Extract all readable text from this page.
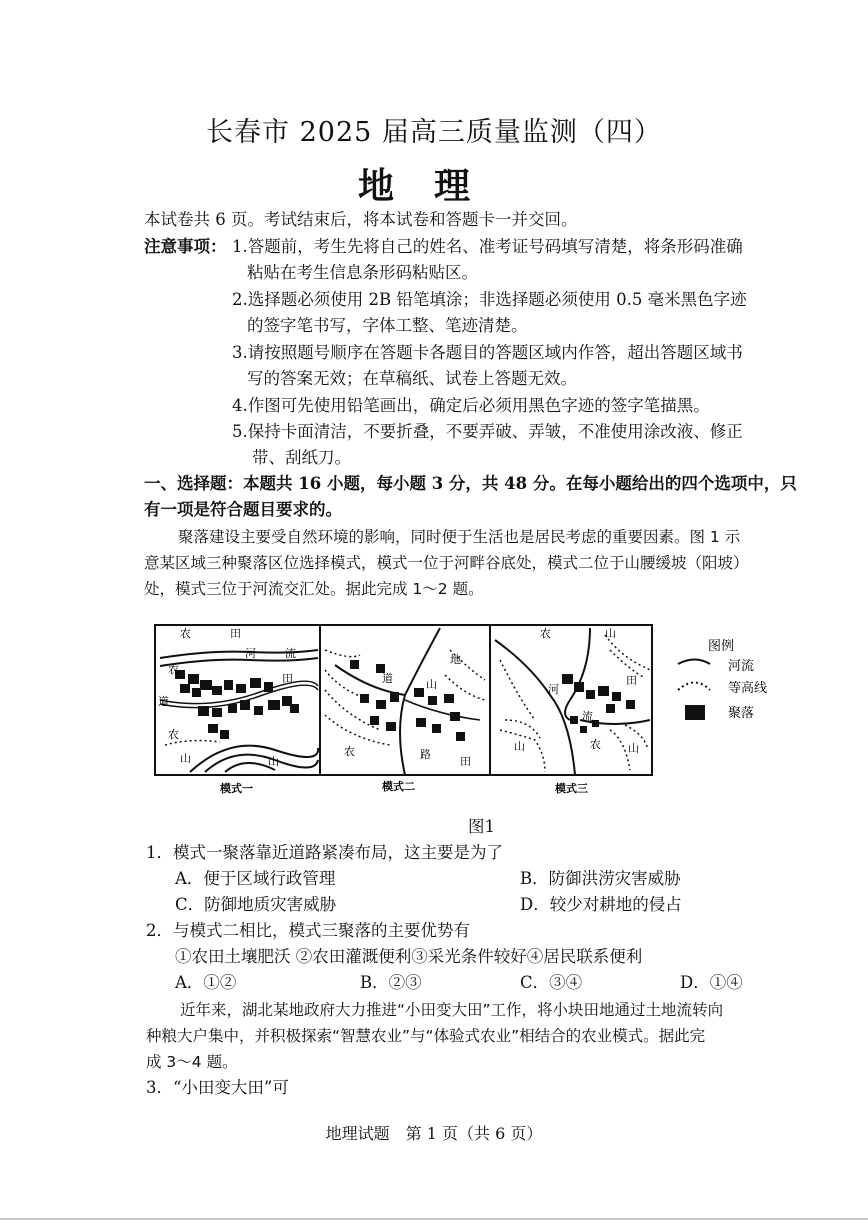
长春市 2025 届高三质量监测（四）
地理
本试卷共 6 页。考试结束后，将本试卷和答题卡一并交回。
注意事项： 1.答题前，考生先将自己的姓名、准考证号码填写清楚，将条形码准确
粘贴在考生信息条形码粘贴区。
2.选择题必须使用 2B 铅笔填涂；非选择题必须使用 0.5 毫米黑色字迹
的签字笔书写，字体工整、笔迹清楚。
3.请按照题号顺序在答题卡各题目的答题区域内作答，超出答题区域书
写的答案无效；在草稿纸、试卷上答题无效。
4.作图可先使用铅笔画出，确定后必须用黑色字迹的签字笔描黑。
5.保持卡面清洁，不要折叠，不要弄破、弄皱，不准使用涂改液、修正
带、刮纸刀。
一、选择题：本题共 16 小题，每小题 3 分，共 48 分。在每小题给出的四个选项中，只
有一项是符合题目要求的。
聚落建设主要受自然环境的影响，同时便于生活也是居民考虑的重要因素。图 1 示
意某区域三种聚落区位选择模式，模式一位于河畔谷底处，模式二位于山腰缓坡（阳坡）
处，模式三位于河流交汇处。据此完成 1～2 题。
农	田
河	流
道
农
田
农
山	山
地
道	山
农	路
田
农	山
河
田
流
山	农 山
图例
河流
等高线
聚落
模式一	模式二	模式三
图1
1．模式一聚落靠近道路紧凑布局，这主要是为了
A．便于区域行政管理	B．防御洪涝灾害威胁
C．防御地质灾害威胁	D．较少对耕地的侵占
2．与模式二相比，模式三聚落的主要优势有
①农田土壤肥沃 ②农田灌溉便利③采光条件较好④居民联系便利
A．①②	B．②③	C．③④	D．①④
近年来，湖北某地政府大力推进“小田变大田”工作，将小块田地通过土地流转向
种粮大户集中，并积极探索“智慧农业”与“体验式农业”相结合的农业模式。据此完
成 3～4 题。
3．“小田变大田”可
地理试题　第 1 页（共 6 页）
